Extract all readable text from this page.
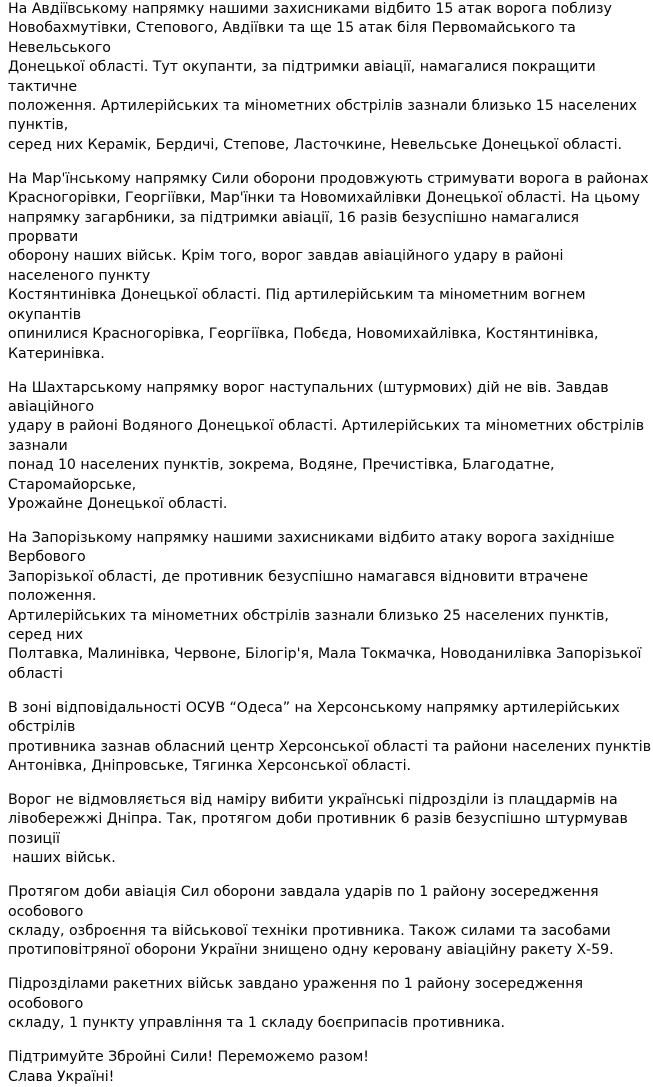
На Авдіївському напрямку нашими захисниками відбито 15 атак ворога поблизу
Новобахмутівки, Степового, Авдіївки та ще 15 атак біля Первомайського та Невельського
Донецької області. Тут окупанти, за підтримки авіації, намагалися покращити тактичне
положення. Артилерійських та мінометних обстрілів зазнали близько 15 населених пунктів,
серед них Керамік, Бердичі, Степове, Ласточкине, Невельське Донецької області.

На Мар'їнському напрямку Сили оборони продовжують стримувати ворога в районах
Красногорівки, Георгіївки, Мар'їнки та Новомихайлівки Донецької області. На цьому
напрямку загарбники, за підтримки авіації, 16 разів безуспішно намагалися прорвати
оборону наших військ. Крім того, ворог завдав авіаційного удару в районі населеного пункту
Костянтинівка Донецької області. Під артилерійським та мінометним вогнем окупантів
опинилися Красногорівка, Георгіївка, Побєда, Новомихайлівка, Костянтинівка, Катеринівка.

На Шахтарському напрямку ворог наступальних (штурмових) дій не вів. Завдав авіаційного
удару в районі Водяного Донецької області. Артилерійських та мінометних обстрілів зазнали
понад 10 населених пунктів, зокрема, Водяне, Пречистівка, Благодатне, Старомайорське,
Урожайне Донецької області.

На Запорізькому напрямку нашими захисниками відбито атаку ворога західніше Вербового
Запорізької області, де противник безуспішно намагався відновити втрачене положення.
Артилерійських та мінометних обстрілів зазнали близько 25 населених пунктів, серед них
Полтавка, Малинівка, Червоне, Білогір'я, Мала Токмачка, Новоданилівка Запорізької  області

В зоні відповідальності ОСУВ “Одеса” на Херсонському напрямку артилерійських обстрілів
противника зазнав обласний центр Херсонської області та райони населених пунктів
Антонівка, Дніпровське, Тягинка Херсонської області.

Ворог не відмовляється від наміру вибити українські підрозділи із плацдармів на
лівобережжі Дніпра. Так, протягом доби противник 6 разів безуспішно штурмував позиції
наших військ.

Протягом доби авіація Сил оборони завдала ударів по 1 району зосередження особового
складу, озброєння та військової техніки противника. Також силами та засобами
протиповітряної оборони України знищено одну керовану авіаційну ракету Х-59.

Підрозділами ракетних військ завдано ураження по 1 району зосередження особового
складу, 1 пункту управління та 1 складу боєприпасів противника.

Підтримуйте Збройні Сили! Переможемо разом!
Слава Україні!
